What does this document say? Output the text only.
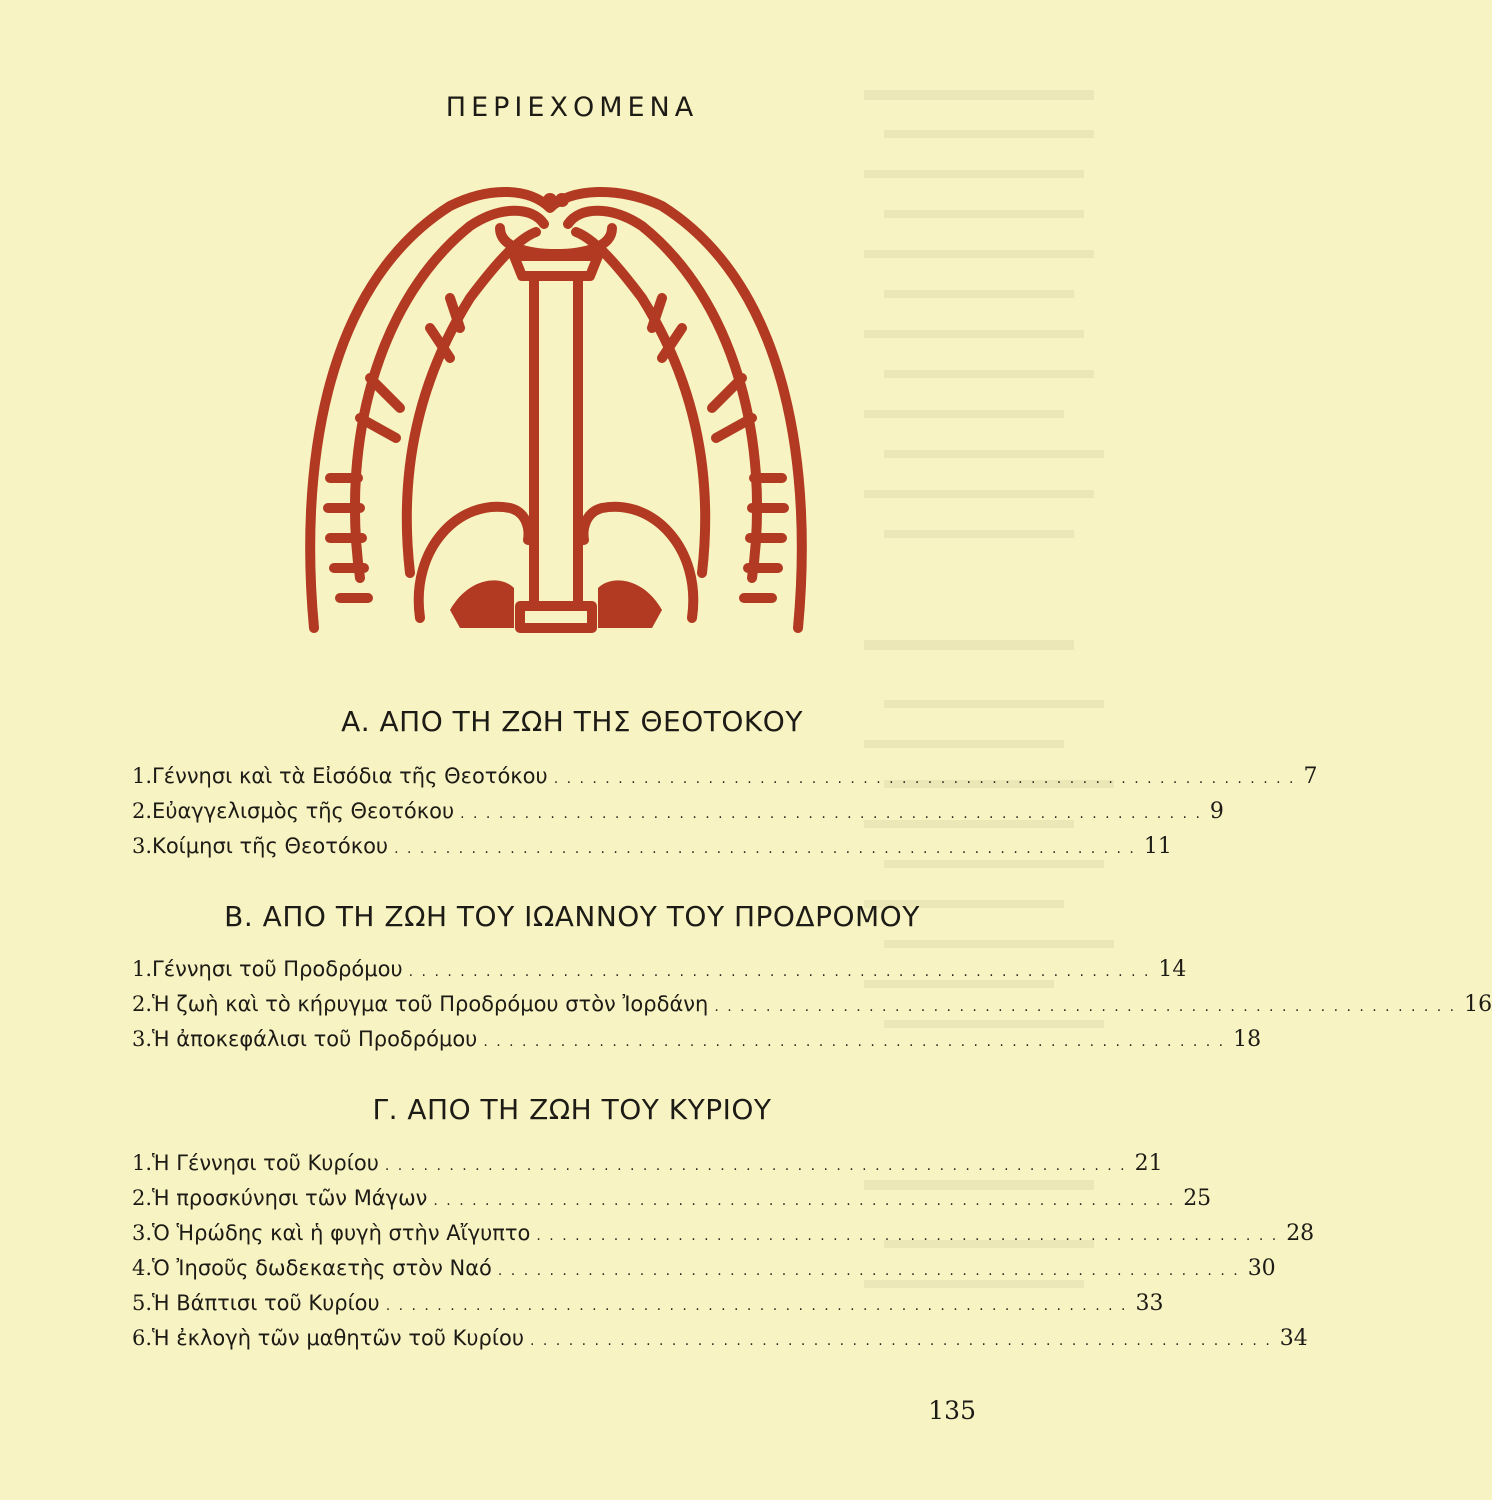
ΠΕΡΙΕΧΟΜΕΝΑ
Α. ΑΠΟ ΤΗ ΖΩΗ ΤΗΣ ΘΕΟΤΟΚΟΥ
1. Γέννησι καὶ τὰ Εἰσόδια τῆς Θεοτόκου . . . . . . . . . . . . . . . . . . . . . . . . . . . . . . . . . . . . . . . . . . . . . . . . . . . . . . . . . . 7
2. Εὐαγγελισμὸς τῆς Θεοτόκου . . . . . . . . . . . . . . . . . . . . . . . . . . . . . . . . . . . . . . . . . . . . . . . . . . . . . . . . . . 9
3. Κοίμησι τῆς Θεοτόκου . . . . . . . . . . . . . . . . . . . . . . . . . . . . . . . . . . . . . . . . . . . . . . . . . . . . . . . . . . 11
Β. ΑΠΟ ΤΗ ΖΩΗ ΤΟΥ ΙΩΑΝΝΟΥ ΤΟΥ ΠΡΟΔΡΟΜΟΥ
1. Γέννησι τοῦ Προδρόμου . . . . . . . . . . . . . . . . . . . . . . . . . . . . . . . . . . . . . . . . . . . . . . . . . . . . . . . . . . 14
2. Ἡ ζωὴ καὶ τὸ κήρυγμα τοῦ Προδρόμου στὸν Ἰορδάνη . . . . . . . . . . . . . . . . . . . . . . . . . . . . . . . . . . . . . . . . . . . . . . . . . . . . . . . . . . 16
3. Ἡ ἀποκεφάλισι τοῦ Προδρόμου . . . . . . . . . . . . . . . . . . . . . . . . . . . . . . . . . . . . . . . . . . . . . . . . . . . . . . . . . . 18
Γ. ΑΠΟ ΤΗ ΖΩΗ ΤΟΥ ΚΥΡΙΟΥ
1. Ἡ Γέννησι τοῦ Κυρίου . . . . . . . . . . . . . . . . . . . . . . . . . . . . . . . . . . . . . . . . . . . . . . . . . . . . . . . . . . 21
2. Ἡ προσκύνησι τῶν Μάγων . . . . . . . . . . . . . . . . . . . . . . . . . . . . . . . . . . . . . . . . . . . . . . . . . . . . . . . . . . 25
3. Ὁ Ἡρώδης καὶ ἡ φυγὴ στὴν Αἴγυπτο . . . . . . . . . . . . . . . . . . . . . . . . . . . . . . . . . . . . . . . . . . . . . . . . . . . . . . . . . . 28
4. Ὁ Ἰησοῦς δωδεκαετὴς στὸν Ναό . . . . . . . . . . . . . . . . . . . . . . . . . . . . . . . . . . . . . . . . . . . . . . . . . . . . . . . . . . 30
5. Ἡ Βάπτισι τοῦ Κυρίου . . . . . . . . . . . . . . . . . . . . . . . . . . . . . . . . . . . . . . . . . . . . . . . . . . . . . . . . . . 33
6. Ἡ ἐκλογὴ τῶν μαθητῶν τοῦ Κυρίου . . . . . . . . . . . . . . . . . . . . . . . . . . . . . . . . . . . . . . . . . . . . . . . . . . . . . . . . . . 34
135
